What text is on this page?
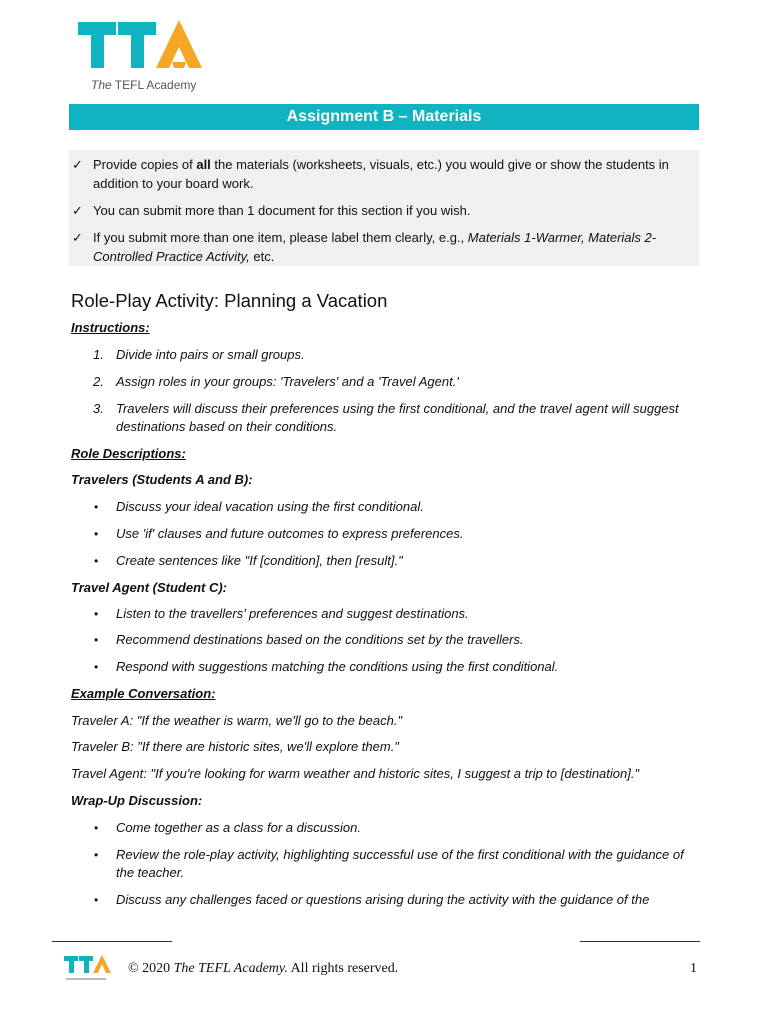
The TEFL Academy
Assignment B – Materials
✓ Provide copies of all the materials (worksheets, visuals, etc.) you would give or show the students in addition to your board work.
✓ You can submit more than 1 document for this section if you wish.
✓ If you submit more than one item, please label them clearly, e.g., Materials 1-Warmer, Materials 2- Controlled Practice Activity, etc.
Role-Play Activity: Planning a Vacation
Instructions:
1. Divide into pairs or small groups.
2. Assign roles in your groups: 'Travelers' and a 'Travel Agent.'
3. Travelers will discuss their preferences using the first conditional, and the travel agent will suggest destinations based on their conditions.
Role Descriptions:
Travelers (Students A and B):
• Discuss your ideal vacation using the first conditional.
• Use 'if' clauses and future outcomes to express preferences.
• Create sentences like "If [condition], then [result]."
Travel Agent (Student C):
• Listen to the travellers’ preferences and suggest destinations.
• Recommend destinations based on the conditions set by the travellers.
• Respond with suggestions matching the conditions using the first conditional.
Example Conversation:
Traveler A: "If the weather is warm, we'll go to the beach."
Traveler B: "If there are historic sites, we'll explore them."
Travel Agent: "If you're looking for warm weather and historic sites, I suggest a trip to [destination]."
Wrap-Up Discussion:
• Come together as a class for a discussion.
• Review the role-play activity, highlighting successful use of the first conditional with the guidance of the teacher.
• Discuss any challenges faced or questions arising during the activity with the guidance of the
© 2020 The TEFL Academy. All rights reserved.	1
